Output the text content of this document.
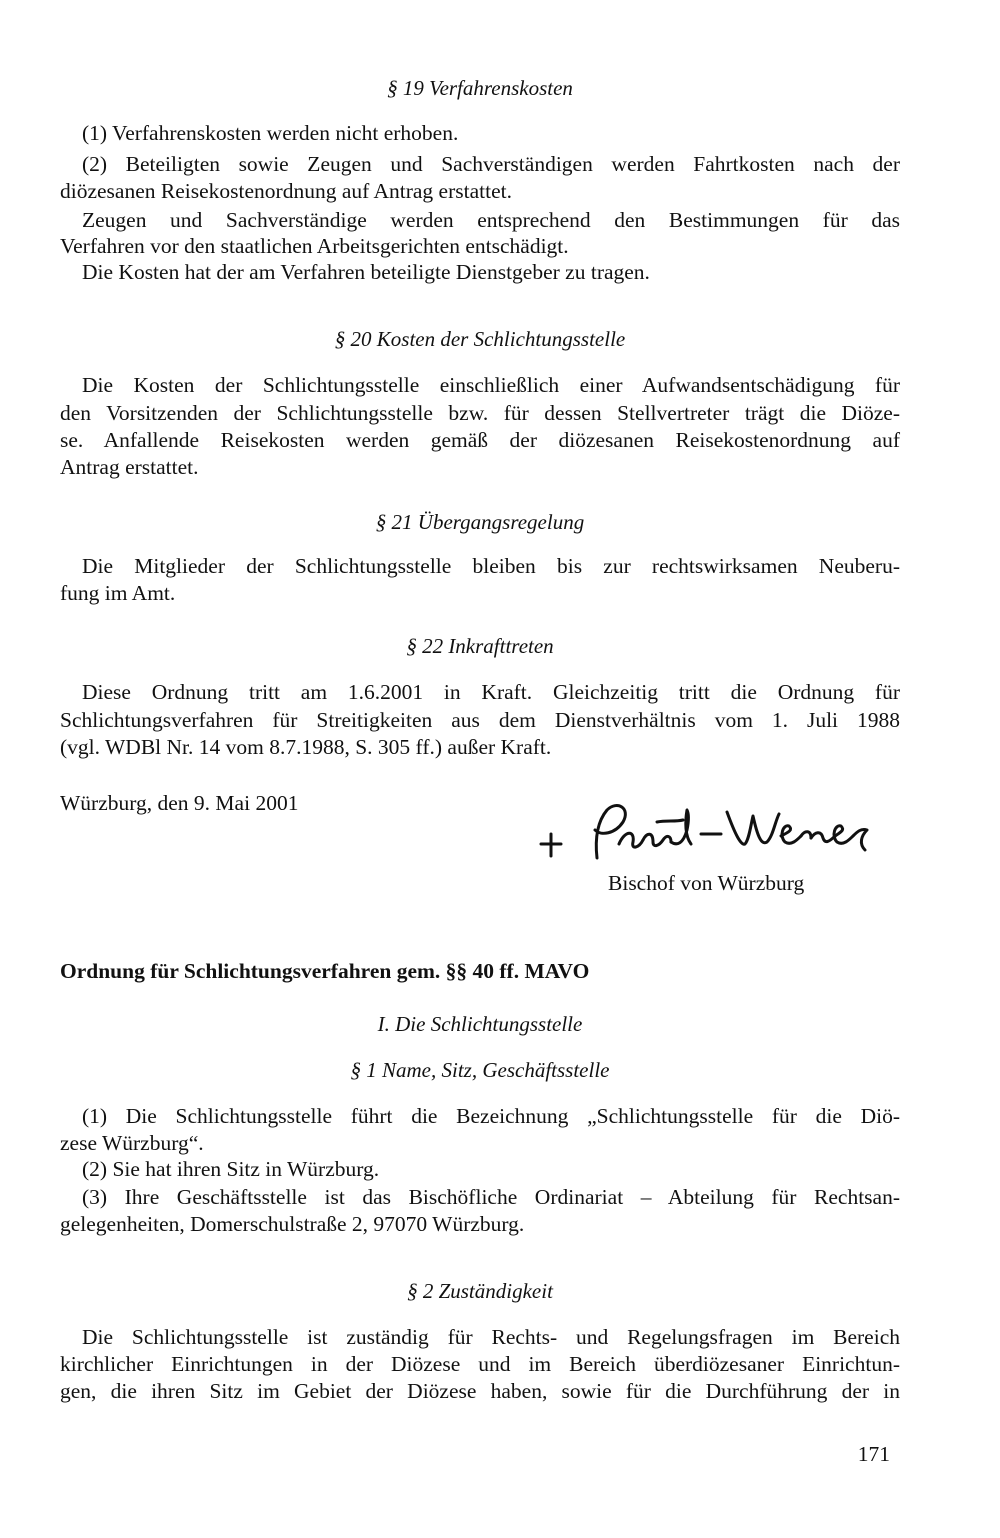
§ 19 Verfahrenskosten
(1) Verfahrenskosten werden nicht erhoben.
(2) Beteiligten sowie Zeugen und Sachverständigen werden Fahrtkosten nach der
diözesanen Reisekostenordnung auf Antrag erstattet.
Zeugen und Sachverständige werden entsprechend den Bestimmungen für das
Verfahren vor den staatlichen Arbeitsgerichten entschädigt.
Die Kosten hat der am Verfahren beteiligte Dienstgeber zu tragen.
§ 20 Kosten der Schlichtungsstelle
Die Kosten der Schlichtungsstelle einschließlich einer Aufwandsentschädigung für
den Vorsitzenden der Schlichtungsstelle bzw. für dessen Stellvertreter trägt die Diöze-
se. Anfallende Reisekosten werden gemäß der diözesanen Reisekostenordnung auf
Antrag erstattet.
§ 21 Übergangsregelung
Die Mitglieder der Schlichtungsstelle bleiben bis zur rechtswirksamen Neuberu-
fung im Amt.
§ 22 Inkrafttreten
Diese Ordnung tritt am 1.6.2001 in Kraft. Gleichzeitig tritt die Ordnung für
Schlichtungsverfahren für Streitigkeiten aus dem Dienstverhältnis vom 1. Juli 1988
(vgl. WDBl Nr. 14 vom 8.7.1988, S. 305 ff.) außer Kraft.
Würzburg, den 9. Mai 2001
Bischof von Würzburg
Ordnung für Schlichtungsverfahren gem. §§ 40 ff. MAVO
I. Die Schlichtungsstelle
§ 1 Name, Sitz, Geschäftsstelle
(1) Die Schlichtungsstelle führt die Bezeichnung „Schlichtungsstelle für die Diö-
zese Würzburg“.
(2) Sie hat ihren Sitz in Würzburg.
(3) Ihre Geschäftsstelle ist das Bischöfliche Ordinariat – Abteilung für Rechtsan-
gelegenheiten, Domerschulstraße 2, 97070 Würzburg.
§ 2 Zuständigkeit
Die Schlichtungsstelle ist zuständig für Rechts- und Regelungsfragen im Bereich
kirchlicher Einrichtungen in der Diözese und im Bereich überdiözesaner Einrichtun-
gen, die ihren Sitz im Gebiet der Diözese haben, sowie für die Durchführung der in
171
